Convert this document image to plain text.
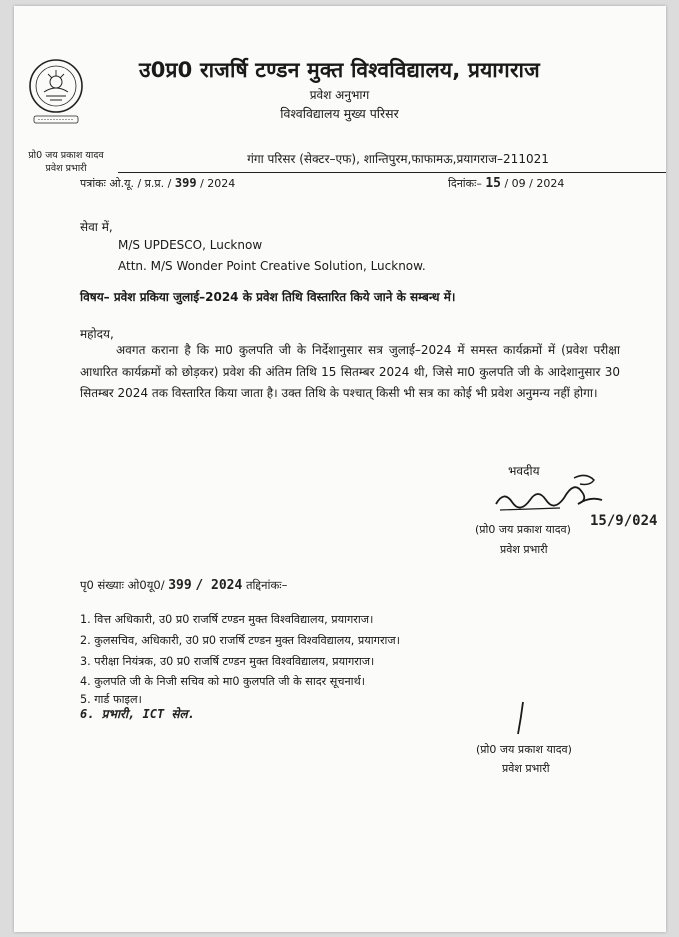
उ0प्र0 राजर्षि टण्डन मुक्त विश्वविद्यालय, प्रयागराज
प्रवेश अनुभाग
विश्वविद्यालय मुख्य परिसर
प्रो0 जय प्रकाश यादव
प्रवेश प्रभारी
गंगा परिसर (सेक्टर–एफ), शान्तिपुरम,फाफामऊ,प्रयागराज–211021
पत्रांकः ओ.यू. / प्र.प्र. / 399 / 2024	दिनांकः– 15 / 09 / 2024
सेवा में,
M/S UPDESCO, Lucknow
Attn. M/S Wonder Point Creative Solution, Lucknow.
विषय– प्रवेश प्रकिया जुलाई–2024 के प्रवेश तिथि विस्तारित किये जाने के सम्बन्ध में।
महोदय,
अवगत कराना है कि मा0 कुलपति जी के निर्देशानुसार सत्र जुलाई–2024 में समस्त कार्यक्रमों में (प्रवेश परीक्षा आधारित कार्यक्रमों को छोड़कर) प्रवेश की अंतिम तिथि 15 सितम्बर 2024 थी, जिसे मा0 कुलपति जी के आदेशानुसार 30 सितम्बर 2024 तक विस्तारित किया जाता है। उक्त तिथि के पश्चात् किसी भी सत्र का कोई भी प्रवेश अनुमन्य नहीं होगा।
भवदीय
(प्रो0 जय प्रकाश यादव)
15/9/024
प्रवेश प्रभारी
पृ0 संख्याः ओ0यू0/ 399 / 2024 तद्दिनांकः–
1. वित्त अधिकारी, उ0 प्र0 राजर्षि टण्डन मुक्त विश्वविद्यालय, प्रयागराज।
2. कुलसचिव, अधिकारी, उ0 प्र0 राजर्षि टण्डन मुक्त विश्वविद्यालय, प्रयागराज।
3. परीक्षा नियंत्रक, उ0 प्र0 राजर्षि टण्डन मुक्त विश्वविद्यालय, प्रयागराज।
4. कुलपति जी के निजी सचिव को मा0 कुलपति जी के सादर सूचनार्थ।
5. गार्ड फाइल।
6. प्रभारी, ICT सेल.
(प्रो0 जय प्रकाश यादव)
प्रवेश प्रभारी
